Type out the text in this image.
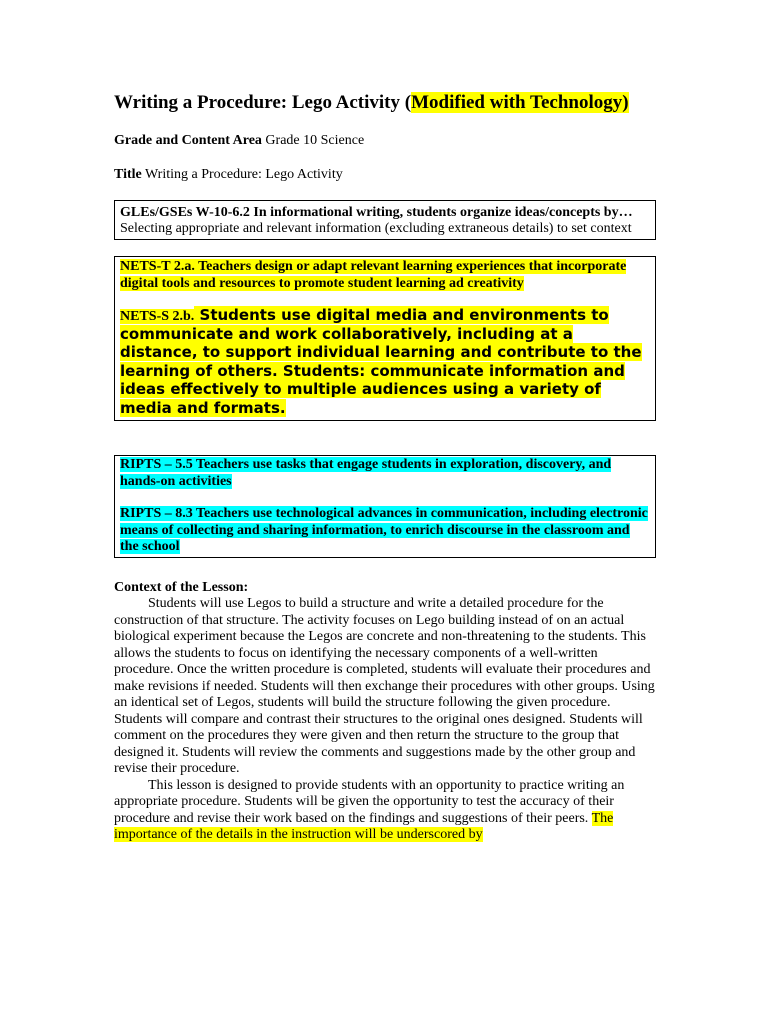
Writing a Procedure: Lego Activity (Modified with Technology)

Grade and Content Area Grade 10 Science

Title Writing a Procedure: Lego Activity

GLEs/GSEs W-10-6.2 In informational writing, students organize ideas/concepts by…Selecting appropriate and relevant information (excluding extraneous details) to set context

NETS-T 2.a. Teachers design or adapt relevant learning experiences that incorporate digital tools and resources to promote student learning ad creativity

NETS-S 2.b. Students use digital media and environments to communicate and work collaboratively, including at a distance, to support individual learning and contribute to the learning of others. Students: communicate information and ideas effectively to multiple audiences using a variety of media and formats.

RIPTS – 5.5 Teachers use tasks that engage students in exploration, discovery, and hands-on activities

RIPTS – 8.3 Teachers use technological advances in communication, including electronic means of collecting and sharing information, to enrich discourse in the classroom and the school

Context of the Lesson:

Students will use Legos to build a structure and write a detailed procedure for the construction of that structure. The activity focuses on Lego building instead of on an actual biological experiment because the Legos are concrete and non-threatening to the students. This allows the students to focus on identifying the necessary components of a well-written procedure. Once the written procedure is completed, students will evaluate their procedures and make revisions if needed. Students will then exchange their procedures with other groups. Using an identical set of Legos, students will build the structure following the given procedure. Students will compare and contrast their structures to the original ones designed. Students will comment on the procedures they were given and then return the structure to the group that designed it. Students will review the comments and suggestions made by the other group and revise their procedure.

This lesson is designed to provide students with an opportunity to practice writing an appropriate procedure. Students will be given the opportunity to test the accuracy of their procedure and revise their work based on the findings and suggestions of their peers. The importance of the details in the instruction will be underscored by
